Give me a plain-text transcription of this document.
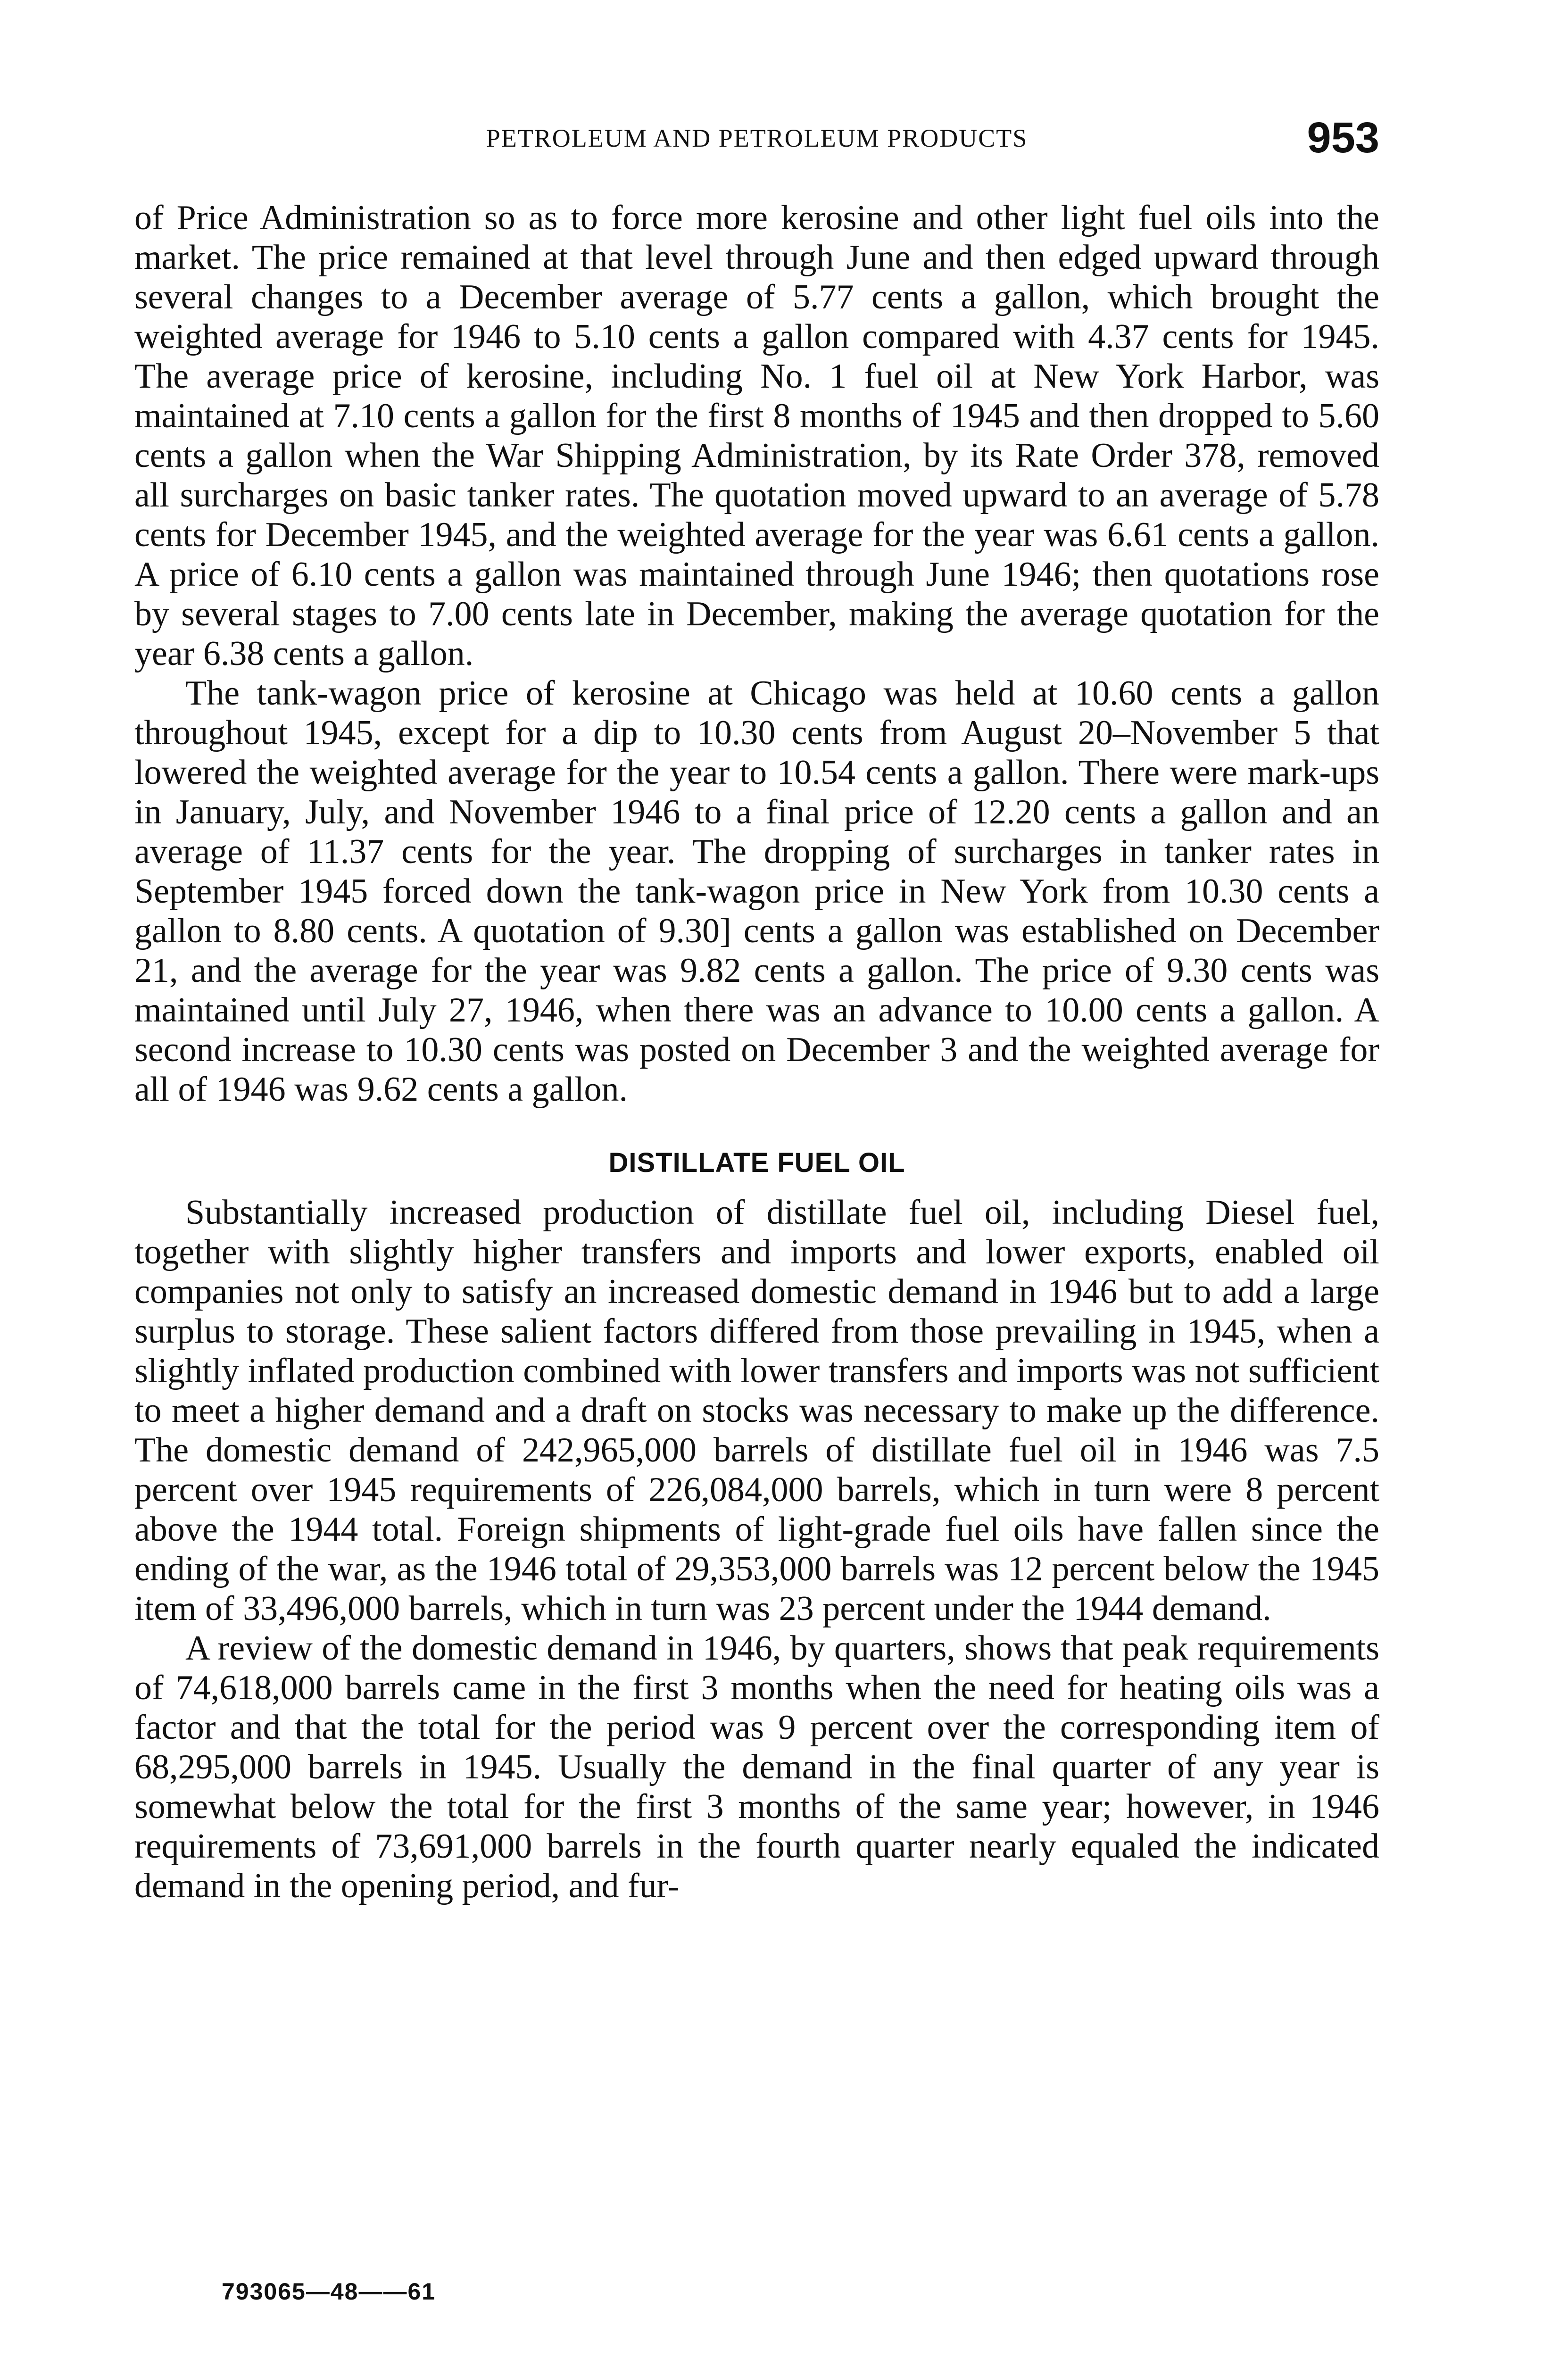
PETROLEUM AND PETROLEUM PRODUCTS	953

of Price Administration so as to force more kerosine and other light fuel oils into the market. The price remained at that level through June and then edged upward through several changes to a December average of 5.77 cents a gallon, which brought the weighted average for 1946 to 5.10 cents a gallon compared with 4.37 cents for 1945. The average price of kerosine, including No. 1 fuel oil at New York Harbor, was maintained at 7.10 cents a gallon for the first 8 months of 1945 and then dropped to 5.60 cents a gallon when the War Shipping Administration, by its Rate Order 378, removed all surcharges on basic tanker rates. The quotation moved upward to an average of 5.78 cents for December 1945, and the weighted average for the year was 6.61 cents a gallon. A price of 6.10 cents a gallon was maintained through June 1946; then quotations rose by several stages to 7.00 cents late in December, making the average quotation for the year 6.38 cents a gallon.

The tank-wagon price of kerosine at Chicago was held at 10.60 cents a gallon throughout 1945, except for a dip to 10.30 cents from August 20–November 5 that lowered the weighted average for the year to 10.54 cents a gallon. There were mark-ups in January, July, and November 1946 to a final price of 12.20 cents a gallon and an average of 11.37 cents for the year. The dropping of surcharges in tanker rates in September 1945 forced down the tank-wagon price in New York from 10.30 cents a gallon to 8.80 cents. A quotation of 9.30] cents a gallon was established on December 21, and the average for the year was 9.82 cents a gallon. The price of 9.30 cents was maintained until July 27, 1946, when there was an advance to 10.00 cents a gallon. A second increase to 10.30 cents was posted on December 3 and the weighted average for all of 1946 was 9.62 cents a gallon.

DISTILLATE FUEL OIL

Substantially increased production of distillate fuel oil, including Diesel fuel, together with slightly higher transfers and imports and lower exports, enabled oil companies not only to satisfy an increased domestic demand in 1946 but to add a large surplus to storage. These salient factors differed from those prevailing in 1945, when a slightly inflated production combined with lower transfers and imports was not sufficient to meet a higher demand and a draft on stocks was necessary to make up the difference. The domestic demand of 242,965,000 barrels of distillate fuel oil in 1946 was 7.5 percent over 1945 requirements of 226,084,000 barrels, which in turn were 8 percent above the 1944 total. Foreign shipments of light-grade fuel oils have fallen since the ending of the war, as the 1946 total of 29,353,000 barrels was 12 percent below the 1945 item of 33,496,000 barrels, which in turn was 23 percent under the 1944 demand.

A review of the domestic demand in 1946, by quarters, shows that peak requirements of 74,618,000 barrels came in the first 3 months when the need for heating oils was a factor and that the total for the period was 9 percent over the corresponding item of 68,295,000 barrels in 1945. Usually the demand in the final quarter of any year is somewhat below the total for the first 3 months of the same year; however, in 1946 requirements of 73,691,000 barrels in the fourth quarter nearly equaled the indicated demand in the opening period, and fur-

793065—48——61
